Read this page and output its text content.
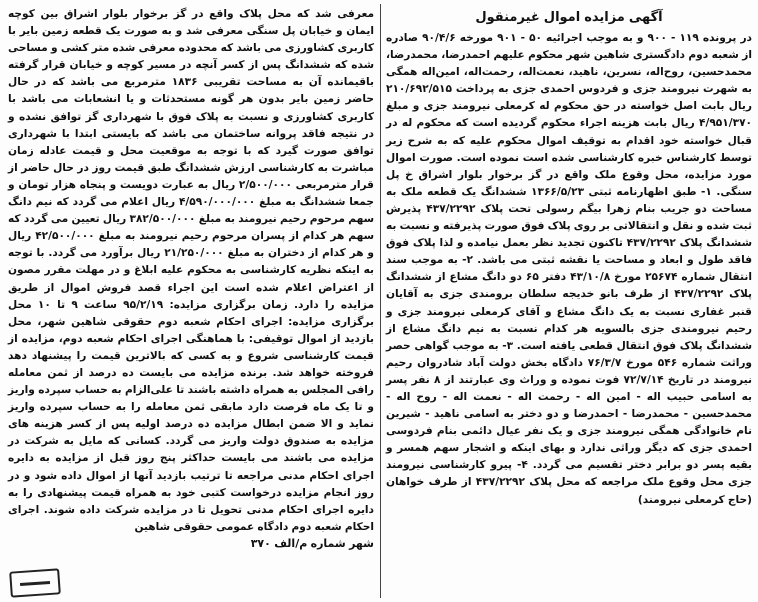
آگهی مزایده اموال غیرمنقول

در پرونده ۱۱۹ - ۹۰۰ و به موجب اجرائیه ۵۰ - ۹۰۱ مورخه ۹۰/۴/۶ صادره از شعبه دوم دادگستری شاهین شهر محکوم علیهم احمدرضا، محمدرضا، محمدحسین، روح‌اله، نسرین، ناهید، نعمت‌اله، رحمت‌اله، امین‌اله همگی به شهرت نیرومند جزی و فردوس احمدی جزی به پرداخت ۲۱۰/۶۹۲/۵۱۵ ریال بابت اصل خواسته در حق محکوم له کرمعلی نیرومند جزی و مبلغ ۴/۹۵۱/۳۷۰ ریال بابت هزینه اجراء محکوم گردیده است که محکوم له در قبال خواسته خود اقدام به توقیف اموال محکوم علیه که به شرح زیر توسط کارشناس خبره کارشناسی شده است نموده است. صورت اموال مورد مزایده، محل وقوع ملک واقع در گز برخوار بلوار اشراق خ پل سنگی. ۱- طبق اظهارنامه ثبتی ۱۳۶۶/۵/۲۳ ششدانگ یک قطعه ملک به مساحت دو جریب بنام زهرا بیگم رسولی تحت پلاک ۴۳۷/۲۲۹۲ پذیرش ثبت شده و نقل و انتقالاتی بر روی پلاک فوق صورت پذیرفته و نسبت به ششدانگ پلاک ۴۳۷/۲۲۹۲ تاکنون تجدید نظر بعمل نیامده و لذا پلاک فوق فاقد طول و ابعاد و مساحت یا نقشه ثبتی می باشد. ۲- به موجب سند انتقال شماره ۲۵۶۷۴ مورخ ۴۳/۱۰/۸ دفتر ۶۵ دو دانگ مشاع از ششدانگ پلاک ۴۳۷/۲۲۹۲ از طرف بانو خدیجه سلطان برومندی جزی به آقایان قنبر غفاری نسبت به یک دانگ مشاع و آقای کرمعلی نیرومند جزی و رحیم نیرومندی جزی بالسویه هر کدام نسبت به نیم دانگ مشاع از ششدانگ پلاک فوق انتقال قطعی یافته است. ۳- به موجب گواهی حصر وراثت شماره ۵۴۶ مورخ ۷۶/۳/۷ دادگاه بخش دولت آباد شادروان رحیم نیرومند در تاریخ ۷۲/۷/۱۴ فوت نموده و وراث وی عبارتند از ۸ نفر پسر به اسامی حبیب اله - امین اله - رحمت اله - نعمت اله - روح اله - محمدحسین - محمدرضا - احمدرضا و دو دختر به اسامی ناهید - شیرین نام خانوادگی همگی نیرومند جزی و یک نفر عیال دائمی بنام فردوسی احمدی جزی که دیگر وراثی ندارد و بهای اینکه و اشجار سهم همسر و بقیه پسر دو برابر دختر تقسیم می گردد. ۴- پیرو کارشناسی نیرومند جزی محل وقوع ملک مراجعه که محل پلاک ۴۳۷/۲۲۹۲ از طرف خواهان (حاج کرمعلی نیرومند)

معرفی شد که محل پلاک واقع در گز برخوار بلوار اشراق بین کوچه ایمان و خیابان پل سنگی معرفی شد و به صورت یک قطعه زمین بایر با کاربری کشاورزی می باشد که محدوده معرفی شده متر کشی و مساحی شده که ششدانگ پس از کسر آنچه در مسیر کوچه و خیابان قرار گرفته باقیمانده آن به مساحت تقریبی ۱۸۳۶ مترمربع می باشد که در حال حاضر زمین بایر بدون هر گونه مستحدثات و یا انشعابات می باشد با کاربری کشاورزی و نسبت به پلاک فوق با شهرداری گز توافق نشده و در نتیجه فاقد پروانه ساختمان می باشد که بایستی ابتدا با شهرداری توافق صورت گیرد که با توجه به موقعیت محل و قیمت عادله زمان مباشرت به کارشناسی ارزش ششدانگ طبق قیمت روز در حال حاضر از قرار مترمربعی ۲/۵۰۰/۰۰۰ ریال به عبارت دویست و پنجاه هزار تومان و جمعا ششدانگ به مبلغ ۴/۵۹۰/۰۰۰/۰۰۰ ریال اعلام می گردد که نیم دانگ سهم مرحوم رحیم نیرومند به مبلغ ۳۸۲/۵۰۰/۰۰۰ ریال تعیین می گردد که سهم هر کدام از پسران مرحوم رحیم نیرومند به مبلغ ۴۲/۵۰۰/۰۰۰ ریال و هر کدام از دختران به مبلغ ۲۱/۲۵۰/۰۰۰ ریال برآورد می گردد. با توجه به اینکه نظریه کارشناسی به محکوم علیه ابلاغ و در مهلت مقرر مصون از اعتراض اعلام شده است این اجراء قصد فروش اموال از طریق مزایده را دارد. زمان برگزاری مزایده: ۹۵/۲/۱۹ ساعت ۹ تا ۱۰ محل برگزاری مزایده: اجرای احکام شعبه دوم حقوقی شاهین شهر، محل بازدید از اموال توقیفی: با هماهنگی اجرای احکام شعبه دوم، مزایده از قیمت کارشناسی شروع و به کسی که بالاترین قیمت را پیشنهاد دهد فروخته خواهد شد. برنده مزایده می بایست ده درصد از ثمن معامله رافی المجلس به همراه داشته باشند تا علی‌الزام به حساب سپرده واریز و تا یک ماه فرصت دارد مابقی ثمن معامله را به حساب سپرده واریز نماید و الا ضمن ابطال مزایده ده درصد اولیه پس از کسر هزینه های مزایده به صندوق دولت واریز می گردد. کسانی که مایل به شرکت در مزایده می باشند می بایست حداکثر پنج روز قبل از مزایده به دایره اجرای احکام مدنی مراجعه تا ترتیب بازدید آنها از اموال داده شود و در روز انجام مزایده درخواست کتبی خود به همراه قیمت پیشنهادی را به دایره اجرای احکام مدنی تحویل تا در مزایده شرکت داده شوند. اجرای احکام شعبه دوم دادگاه عمومی حقوقی شاهین

شهر شماره م/الف ۳۷۰
